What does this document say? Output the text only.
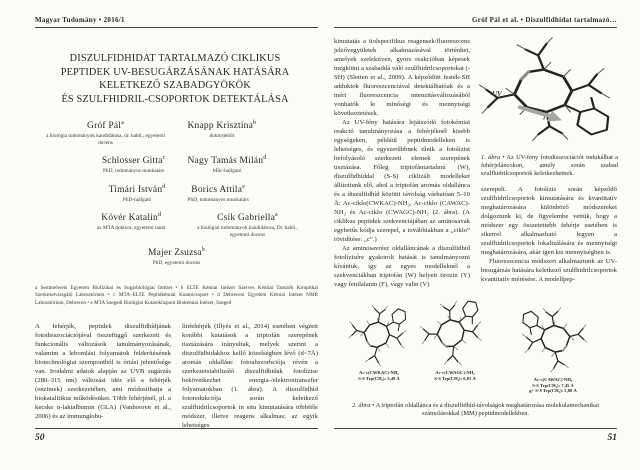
Magyar Tudomány • 2016/1
DISZULFIDHIDAT TARTALMAZÓ CIKLIKUS
PEPTIDEK UV-BESUGÁRZÁSÁNAK HATÁSÁRA
KELETKEZŐ SZABADGYÖKÖK
ÉS SZULFHIDRIL-CSOPORTOK DETEKTÁLÁSA
Gróf Pál$^a$
a biológia tudományok kandidátusa, dr. habil., egyetemi docens
Knapp Krisztina$^b$
doktorjelölt
Schlosser Gitta$^c$
PhD, tudományos munkatárs
Nagy Tamás Milán$^d$
MSc-hallgató
Timári István$^d$
PhD-hallgató
Borics Attila$^e$
PhD, tudományos munkatárs
Kövér Katalin$^d$
az MTA doktora, egyetemi tanár
Csík Gabriella$^a$
a biológiai tudományok kandidátusa, Dr. habil., egyetemi docens
Majer Zsuzsa$^b$
PhD, egyetemi docens
a Semmelweis Egyetem Biofizikai és Sugárbiológiai Intézet • b ELTE Kémiai Intézet Szerves Kémiai Tanszék Kiroptikai Szerkezetvizsgáló Laboratórium • c MTA–ELTE Peptidkémiai Kutatócsoport • d Debreceni Egyetem Kémiai Intézet NMR Laboratórium, Debrecen • e MTA Szegedi Biológiai Kutatóközpont Biokémiai Intézet, Szeged

A fehérjék, peptidek diszulfidhídjának fotodisszociációjával összefüggő szerkezeti és funkcionális változások tanulmányozásának, valamint a lebomlási folyamatok felderítésének biotechnológiai szempontból is óriási jelentősége van. Irodalmi adatok alapján az UVB sugárzás (280–315 nm) változást idéz elő a fehérjék (enzimek) szerkezetében, ami módosíthatja a biokatalitikus működésüket. Több fehérjénél, pl. a kecske α-laktalbumin (GLA) (Vanhooren et al., 2006) és az immunglobu-

linfehérjék (Illyés et al., 2014) esetében végzett korábbi kutatások a triptofán szerepének tisztázására irányultak, melyek szerint a diszulfidhidakhoz kellő közelségben lévő (d<7Å) aromás oldallánc fotoabszorbciója révén a szerkezetstabilizáló diszulfidhidak fotolízise bekövetkezhet energia-/elektrontranszfer folyamatokban (1. ábra). A diszulfidhíd fotoredukciója során keletkező szulfhidrilcsoportok in situ kimutatására többféle módszer, illetve reagens alkalmas; az egyik lehetséges

50
Gróf Pál et al. • Diszulfidhidat tartalmazó…

kimutatás a tiolspecifikus reagensek/fluoreszcens jelzővegyületek alkalmazásával történhet, amelyek szelektíven, gyors reakcióban képesek megkötni a szabaddá váló szulfhidrilcsoportokat (-SH) (Sletten et al., 2009). A képződött festék-SH adduktok fluoreszcenciával detektálhatóak és a mért fluoreszcencia intenzitásváltozásából vonhatók le minőségi és mennyiségi következtetések.

Az UV-fény hatására lejátszódó fotokémiai reakció tanulmányozása a fehérjéknél kisebb egységeken, például peptidmodelleken is lehetséges, és egyszerűbbnek tűnik a fotolízist befolyásoló szerkezeti elemek szerepének tisztázása. Főleg triptofántartalmú (W), diszulfidhíddal (S-S) ciklizált modelleket állítottunk elő, ahol a triptofán aromás oldallánca és a diszulfidhíd közötti távolság várhatóan 5–10 Å: Ac-ciklo(CWKAC)-NH₂, Ac-ciklo (CAWAC)-NH₂ és Ac-ciklo (CWAGC)-NH₂ (2. ábra). (A ciklikus peptidek szekvenciájában az aminosavak egybetűs kódja szerepel, a továbbiakban a „ciklo” rövidítése: „c”.)

Az aminosavrész oldalláncának a diszulfidhíd fotolízisére gyakorolt hatását is tanulmányozni kívántuk, így az egyes modelleknél a szekvenciákban triptofán (W) helyett tirozin (Y) vagy fenilalanin (F), vagy valin (V)

UV
1. ábra • Az UV-fény fotodisszociációt indukálhat a fehérjeláncokon, amely során szabad szulfhidrilcsoportok keletkezhetnek.

szerepelt. A fotolízis során képződő szulfhidrilcsoportok kimutatására és kvantitatív meghatározására különböző módszereket dolgoztunk ki, de figyelembe vettük, hogy a módszer egy összetettebb fehérje esetében is sikerrel alkalmazható legyen a szulfhidrilcsoportok lokalizálására és mennyiségi meghatározására, akár igen kis mennyiségben is.

Fluoreszcencia módszert alkalmaztunk az UV-besugárzás hatására keletkező szulfhidrilcsoportok kvantitatív mérésére. A modellpep-

Ac-c(CWKAC)-NH₂
S-S Trp(CH₂): 5,49 Å
Ac-c(CWAGC)-NH₂
S-S Trp(CH₂): 6,81 Å	Ac-c(CAWAC)-NH₂
S-S Trp(CH₂): 7,45 Å
g+ S-S Trp(CH₂): 5,80 Å
2. ábra • A triptofán oldallánca és a diszulfidhíd-távolságok meghatározása molekulamechanikai számolásokkal (MM) peptidmodellekben.
51
